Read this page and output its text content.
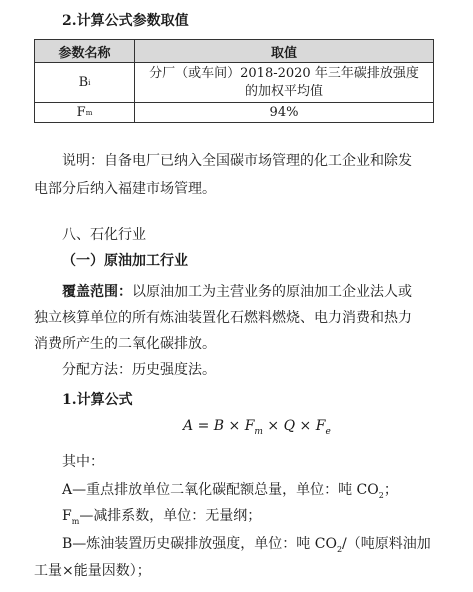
2.计算公式参数取值
参数名称	取值
B i
分厂（或车间）2018-2020 年三年碳排放强度
的加权平均值
F m	94%
说明：自备电厂已纳入全国碳市场管理的化工企业和除发
电部分后纳入福建市场管理。
八、石化行业
（一）原油加工行业
覆盖范围：以原油加工为主营业务的原油加工企业法人或
独立核算单位的所有炼油装置化石燃料燃烧、电力消费和热力
消费所产生的二氧化碳排放。
分配方法：历史强度法。
1.计算公式
$A = B \times F_m \times Q \times F_e$
其中：
A—重点排放单位二氧化碳配额总量，单位：吨 $CO_2$；
$F_m—$减排系数，单位：无量纲；
B—炼油装置历史碳排放强度，单位：吨 $CO_2/$（吨原料油加
工量×能量因数）；
